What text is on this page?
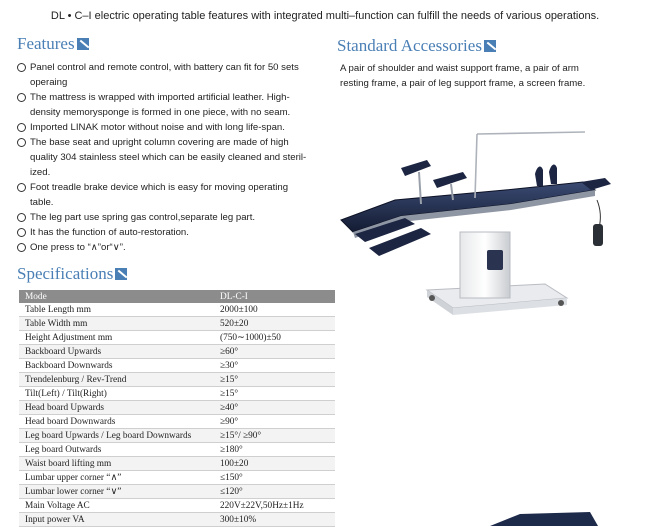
DL • C–I electric operating table features with integrated multi–function can fulfill the needs of various operations.
Features
Panel control and remote control, with battery can fit for 50 sets
operaing
The mattress is wrapped with imported artificial leather. High-
density memorysponge is formed in one piece, with no seam.
Imported LINAK motor without noise and with long life-span.
The base seat and upright column covering are made of high
quality 304 stainless steel which can be easily cleaned and steril-
ized.
Foot treadle brake device which is easy for moving operating
table.
The leg part use spring gas control,separate leg part.
It has the function of auto-restoration.
One press to “∧”or“∨”.
Standard Accessories
A pair of shoulder and waist support frame, a pair of arm
resting frame, a pair of leg support frame, a screen frame.
Specifications
Mode	DL-C-I
Table Length mm	2000±100
Table Width mm	520±20
Height Adjustment mm	(750∼1000)±50
Backboard Upwards	≥60°
Backboard Downwards	≥30°
Trendelenburg / Rev-Trend	≥15°
Tilt(Left) / Tilt(Right)	≥15°
Head board Upwards	≥40°
Head board Downwards	≥90°
Leg board Upwards / Leg board Downwards	≥15°/ ≥90°
Leg board Outwards	≥180°
Waist board lifting mm	100±20
Lumbar upper corner “∧”	≤150°
Lumbar lower corner “∨”	≤120°
Main Voltage AC	220V±22V,50Hz±1Hz
Input power VA	300±10%
